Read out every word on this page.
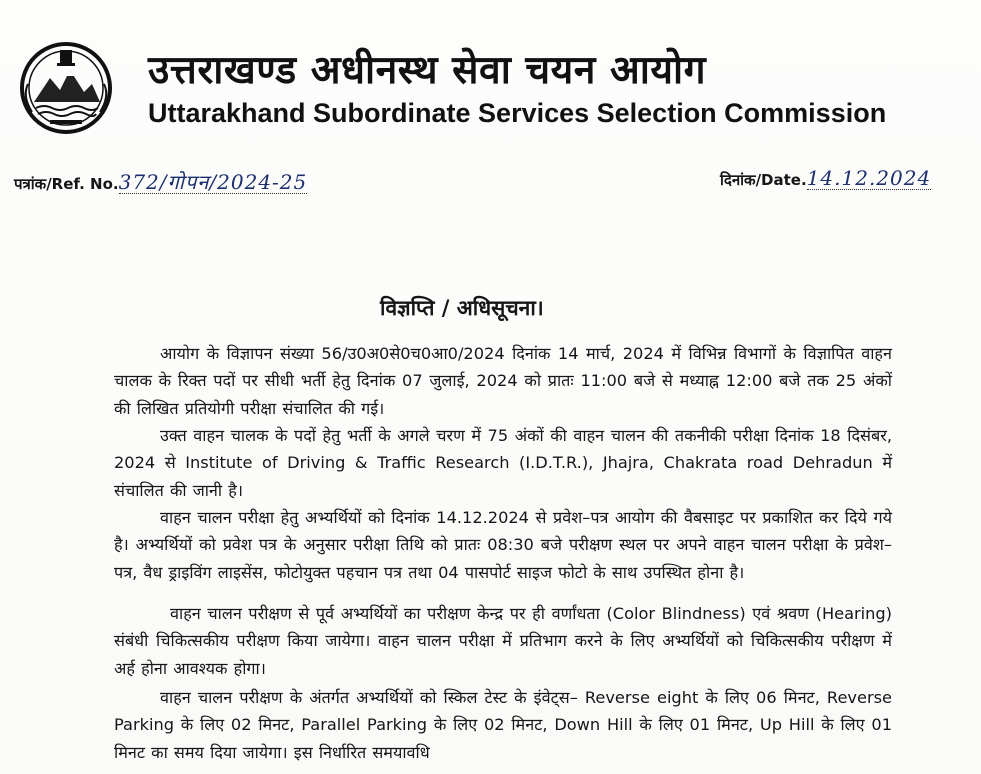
उत्तराखण्ड अधीनस्थ सेवा चयन आयोग
Uttarakhand Subordinate Services Selection Commission
पत्रांक/Ref. No.372/गोपन/2024-25	दिनांक/Date.14.12.2024
विज्ञप्ति / अधिसूचना।
आयोग के विज्ञापन संख्या 56/उ0अ0से0च0आ0/2024 दिनांक 14 मार्च, 2024 में विभिन्न विभागों के विज्ञापित वाहन चालक के रिक्त पदों पर सीधी भर्ती हेतु दिनांक 07 जुलाई, 2024 को प्रातः 11:00 बजे से मध्याह्न 12:00 बजे तक 25 अंकों की लिखित प्रतियोगी परीक्षा संचालित की गई।
उक्त वाहन चालक के पदों हेतु भर्ती के अगले चरण में 75 अंकों की वाहन चालन की तकनीकी परीक्षा दिनांक 18 दिसंबर, 2024 से Institute of Driving & Traffic Research (I.D.T.R.), Jhajra, Chakrata road Dehradun में संचालित की जानी है।
वाहन चालन परीक्षा हेतु अभ्यर्थियों को दिनांक 14.12.2024 से प्रवेश–पत्र आयोग की वैबसाइट पर प्रकाशित कर दिये गये है। अभ्यर्थियों को प्रवेश पत्र के अनुसार परीक्षा तिथि को प्रातः 08:30 बजे परीक्षण स्थल पर अपने वाहन चालन परीक्षा के प्रवेश–पत्र, वैध ड्राइविंग लाइसेंस, फोटोयुक्त पहचान पत्र तथा 04 पासपोर्ट साइज फोटो के साथ उपस्थित होना है।
वाहन चालन परीक्षण से पूर्व अभ्यर्थियों का परीक्षण केन्द्र पर ही वर्णांधता (Color Blindness) एवं श्रवण (Hearing) संबंधी चिकित्सकीय परीक्षण किया जायेगा। वाहन चालन परीक्षा में प्रतिभाग करने के लिए अभ्यर्थियों को चिकित्सकीय परीक्षण में अर्ह होना आवश्यक होगा।
वाहन चालन परीक्षण के अंतर्गत अभ्यर्थियों को स्किल टेस्ट के इंवेट्स– Reverse eight के लिए 06 मिनट, Reverse Parking के लिए 02 मिनट, Parallel Parking के लिए 02 मिनट, Down Hill के लिए 01 मिनट, Up Hill के लिए 01 मिनट का समय दिया जायेगा। इस निर्धारित समयावधि
